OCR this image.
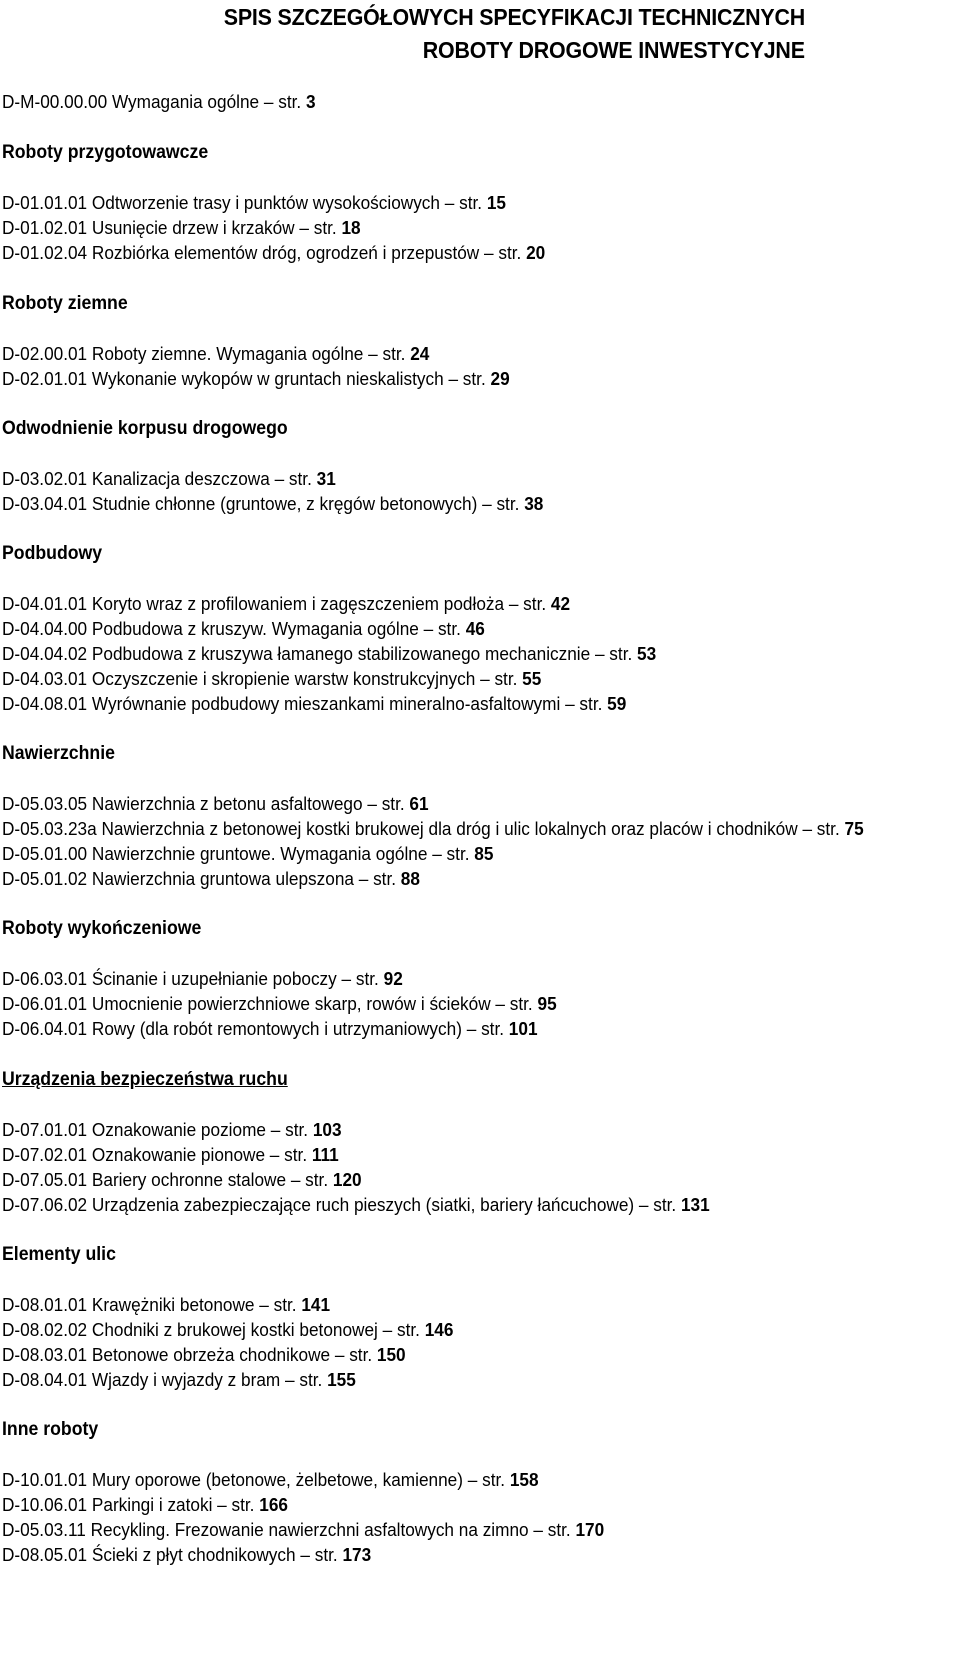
SPIS SZCZEGÓŁOWYCH SPECYFIKACJI TECHNICZNYCH
ROBOTY DROGOWE INWESTYCYJNE
D-M-00.00.00 Wymagania ogólne – str. 3
Roboty przygotowawcze
D-01.01.01 Odtworzenie trasy i punktów wysokościowych – str. 15
D-01.02.01 Usunięcie drzew i krzaków – str. 18
D-01.02.04 Rozbiórka elementów dróg, ogrodzeń i przepustów – str. 20
Roboty ziemne
D-02.00.01 Roboty ziemne. Wymagania ogólne – str. 24
D-02.01.01 Wykonanie wykopów w gruntach nieskalistych – str. 29
Odwodnienie korpusu drogowego
D-03.02.01 Kanalizacja deszczowa – str. 31
D-03.04.01 Studnie chłonne (gruntowe, z kręgów betonowych) – str. 38
Podbudowy
D-04.01.01 Koryto wraz z profilowaniem i zagęszczeniem podłoża – str. 42
D-04.04.00 Podbudowa z kruszyw. Wymagania ogólne – str. 46
D-04.04.02 Podbudowa z kruszywa łamanego stabilizowanego mechanicznie – str. 53
D-04.03.01 Oczyszczenie i skropienie warstw konstrukcyjnych – str. 55
D-04.08.01 Wyrównanie podbudowy mieszankami mineralno-asfaltowymi – str. 59
Nawierzchnie
D-05.03.05 Nawierzchnia z betonu asfaltowego – str. 61
D-05.03.23a Nawierzchnia z betonowej kostki brukowej dla dróg i ulic lokalnych oraz placów i chodników – str. 75
D-05.01.00 Nawierzchnie gruntowe. Wymagania ogólne – str. 85
D-05.01.02 Nawierzchnia gruntowa ulepszona – str. 88
Roboty wykończeniowe
D-06.03.01 Ścinanie i uzupełnianie poboczy – str. 92
D-06.01.01 Umocnienie powierzchniowe skarp, rowów i ścieków – str. 95
D-06.04.01 Rowy (dla robót remontowych i utrzymaniowych) – str. 101
Urządzenia bezpieczeństwa ruchu
D-07.01.01 Oznakowanie poziome – str. 103
D-07.02.01 Oznakowanie pionowe – str. 111
D-07.05.01 Bariery ochronne stalowe – str. 120
D-07.06.02 Urządzenia zabezpieczające ruch pieszych (siatki, bariery łańcuchowe) – str. 131
Elementy ulic
D-08.01.01 Krawężniki betonowe – str. 141
D-08.02.02 Chodniki z brukowej kostki betonowej – str. 146
D-08.03.01 Betonowe obrzeża chodnikowe – str. 150
D-08.04.01 Wjazdy i wyjazdy z bram – str. 155
Inne roboty
D-10.01.01 Mury oporowe (betonowe, żelbetowe, kamienne) – str. 158
D-10.06.01 Parkingi i zatoki – str. 166
D-05.03.11 Recykling. Frezowanie nawierzchni asfaltowych na zimno – str. 170
D-08.05.01 Ścieki z płyt chodnikowych – str. 173
